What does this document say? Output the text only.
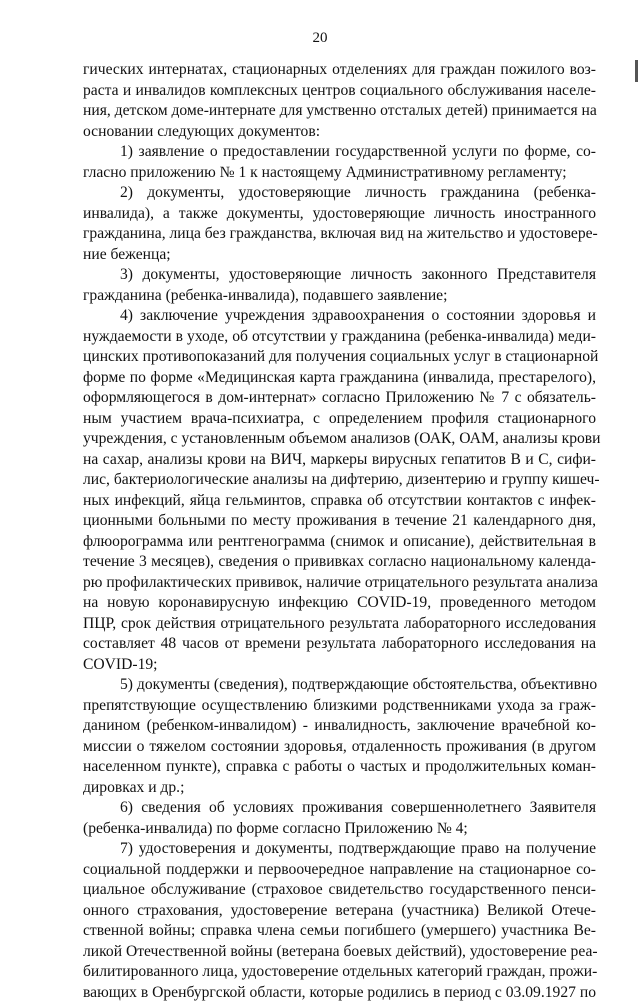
20
гических интернатах, стационарных отделениях для граждан пожилого воз-
раста и инвалидов комплексных центров социального обслуживания населе-
ния, детском доме-интернате для умственно отсталых детей) принимается на
основании следующих документов:
1) заявление о предоставлении государственной услуги по форме, со-
гласно приложению № 1 к настоящему Административному регламенту;
2) документы, удостоверяющие личность гражданина (ребенка-
инвалида), а также документы, удостоверяющие личность иностранного
гражданина, лица без гражданства, включая вид на жительство и удостовере-
ние беженца;
3) документы, удостоверяющие личность законного Представителя
гражданина (ребенка-инвалида), подавшего заявление;
4) заключение учреждения здравоохранения о состоянии здоровья и
нуждаемости в уходе, об отсутствии у гражданина (ребенка-инвалида) меди-
цинских противопоказаний для получения социальных услуг в стационарной
форме по форме «Медицинская карта гражданина (инвалида, престарелого),
оформляющегося в дом-интернат» согласно Приложению № 7 с обязатель-
ным участием врача-психиатра, с определением профиля стационарного
учреждения, с установленным объемом анализов (ОАК, ОАМ, анализы крови
на сахар, анализы крови на ВИЧ, маркеры вирусных гепатитов В и С, сифи-
лис, бактериологические анализы на дифтерию, дизентерию и группу кишеч-
ных инфекций, яйца гельминтов, справка об отсутствии контактов с инфек-
ционными больными по месту проживания в течение 21 календарного дня,
флюорограмма или рентгенограмма (снимок и описание), действительная в
течение 3 месяцев), сведения о прививках согласно национальному календа-
рю профилактических прививок, наличие отрицательного результата анализа
на новую коронавирусную инфекцию COVID-19, проведенного методом
ПЦР, срок действия отрицательного результата лабораторного исследования
составляет 48 часов от времени результата лабораторного исследования на
COVID-19;
5) документы (сведения), подтверждающие обстоятельства, объективно
препятствующие осуществлению близкими родственниками ухода за граж-
данином (ребенком-инвалидом) - инвалидность, заключение врачебной ко-
миссии о тяжелом состоянии здоровья, отдаленность проживания (в другом
населенном пункте), справка с работы о частых и продолжительных коман-
дировках и др.;
6) сведения об условиях проживания совершеннолетнего Заявителя
(ребенка-инвалида) по форме согласно Приложению № 4;
7) удостоверения и документы, подтверждающие право на получение
социальной поддержки и первоочередное направление на стационарное со-
циальное обслуживание (страховое свидетельство государственного пенси-
онного страхования, удостоверение ветерана (участника) Великой Отече-
ственной войны; справка члена семьи погибшего (умершего) участника Ве-
ликой Отечественной войны (ветерана боевых действий), удостоверение реа-
билитированного лица, удостоверение отдельных категорий граждан, прожи-
вающих в Оренбургской области, которые родились в период с 03.09.1927 по
